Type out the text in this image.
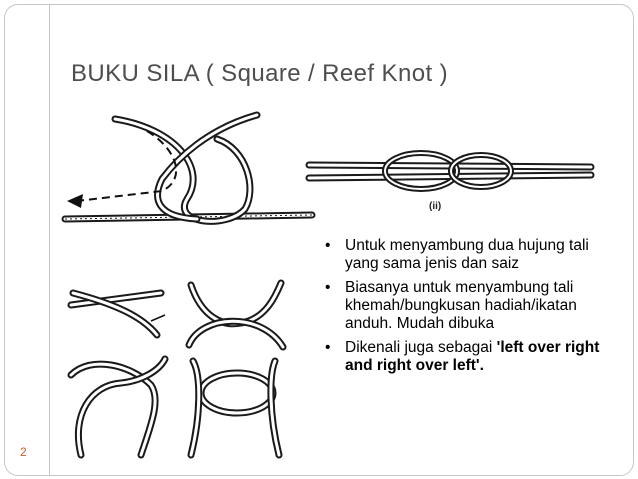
BUKU SILA ( Square / Reef Knot )
(ii)
• Untuk menyambung dua hujung tali yang sama jenis dan saiz
• Biasanya untuk menyambung tali khemah/bungkusan hadiah/ikatan anduh. Mudah dibuka
• Dikenali juga sebagai 'left over right and right over left'.
2
